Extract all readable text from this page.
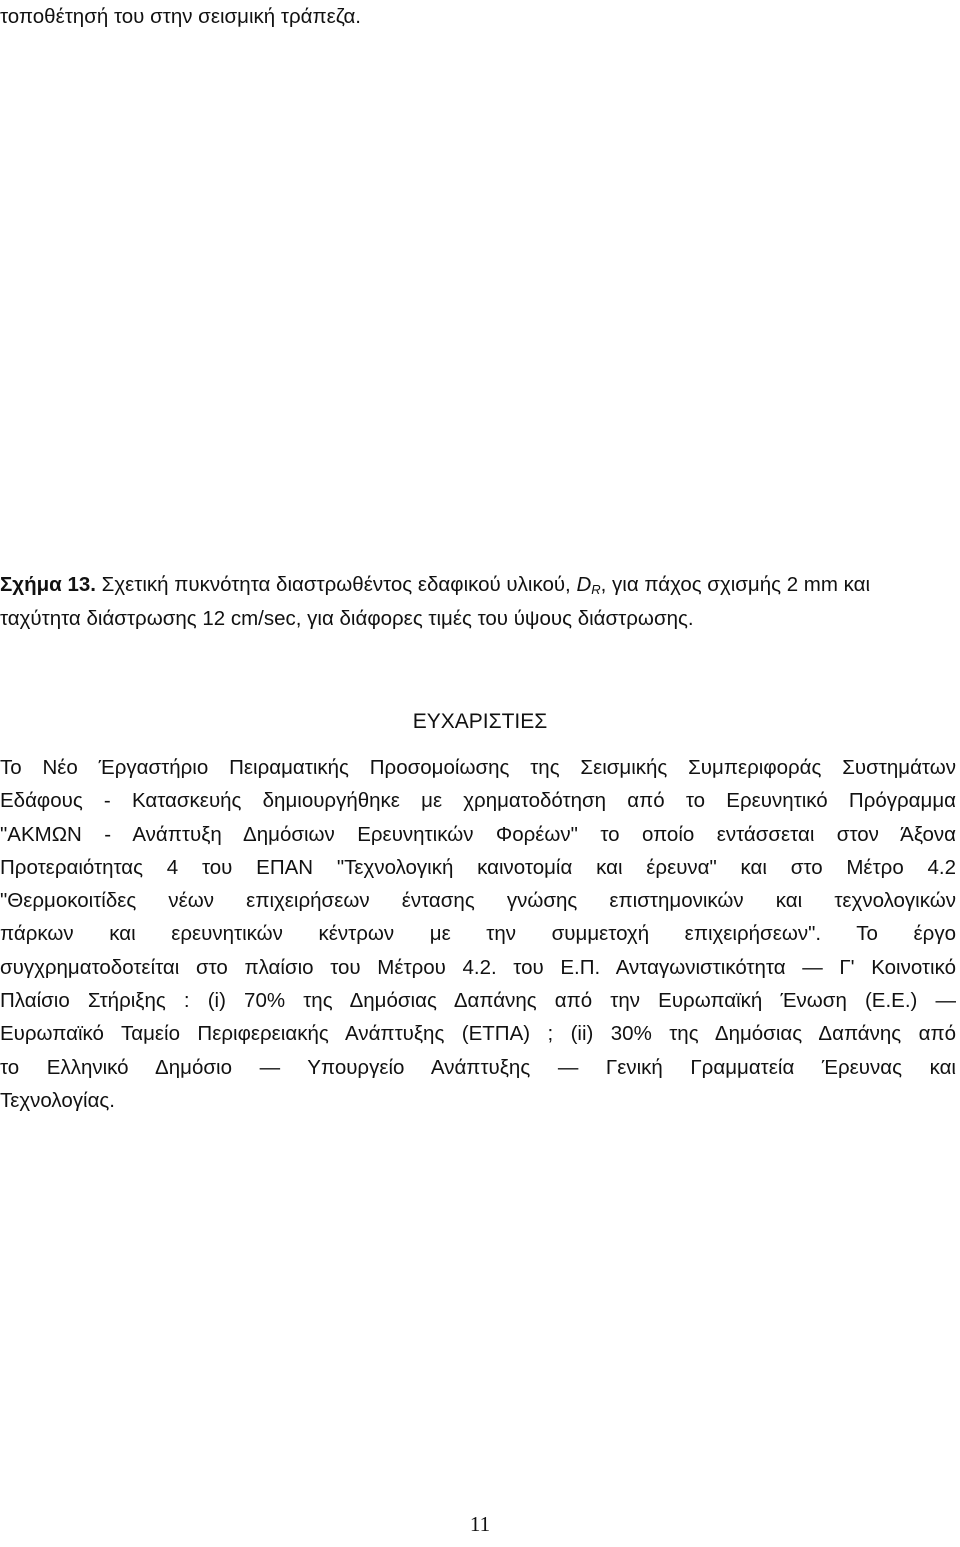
τοποθέτησή του στην σεισμική τράπεζα.
Σχήμα 13. Σχετική πυκνότητα διαστρωθέντος εδαφικού υλικού, $D_R$, για πάχος σχισμής 2 mm και
ταχύτητα διάστρωσης 12 cm/sec, για διάφορες τιμές του ύψους διάστρωσης.
ΕΥΧΑΡΙΣΤΙΕΣ
Το Νέο Έργαστήριο Πειραματικής Προσομοίωσης της Σεισμικής Συμπεριφοράς Συστημάτων
Εδάφους - Κατασκευής δημιουργήθηκε με χρηματοδότηση από το Ερευνητικό Πρόγραμμα
"ΑΚΜΩΝ - Ανάπτυξη Δημόσιων Ερευνητικών Φορέων" το οποίο εντάσσεται στον Άξονα
Προτεραιότητας 4 του ΕΠΑΝ "Τεχνολογική καινοτομία και έρευνα" και στο Μέτρο 4.2
"Θερμοκοιτίδες νέων επιχειρήσεων έντασης γνώσης επιστημονικών και τεχνολογικών
πάρκων και ερευνητικών κέντρων με την συμμετοχή επιχειρήσεων". Το έργο
συγχρηματοδοτείται στο πλαίσιο του Μέτρου 4.2. του Ε.Π. Ανταγωνιστικότητα — Γ' Κοινοτικό
Πλαίσιο Στήριξης : (i) 70% της Δημόσιας Δαπάνης από την Ευρωπαϊκή Ένωση (Ε.Ε.) —
Ευρωπαϊκό Ταμείο Περιφερειακής Ανάπτυξης (ΕΤΠΑ) ; (ii) 30% της Δημόσιας Δαπάνης από
το Ελληνικό Δημόσιο — Υπουργείο Ανάπτυξης — Γενική Γραμματεία Έρευνας και
Τεχνολογίας.
11
